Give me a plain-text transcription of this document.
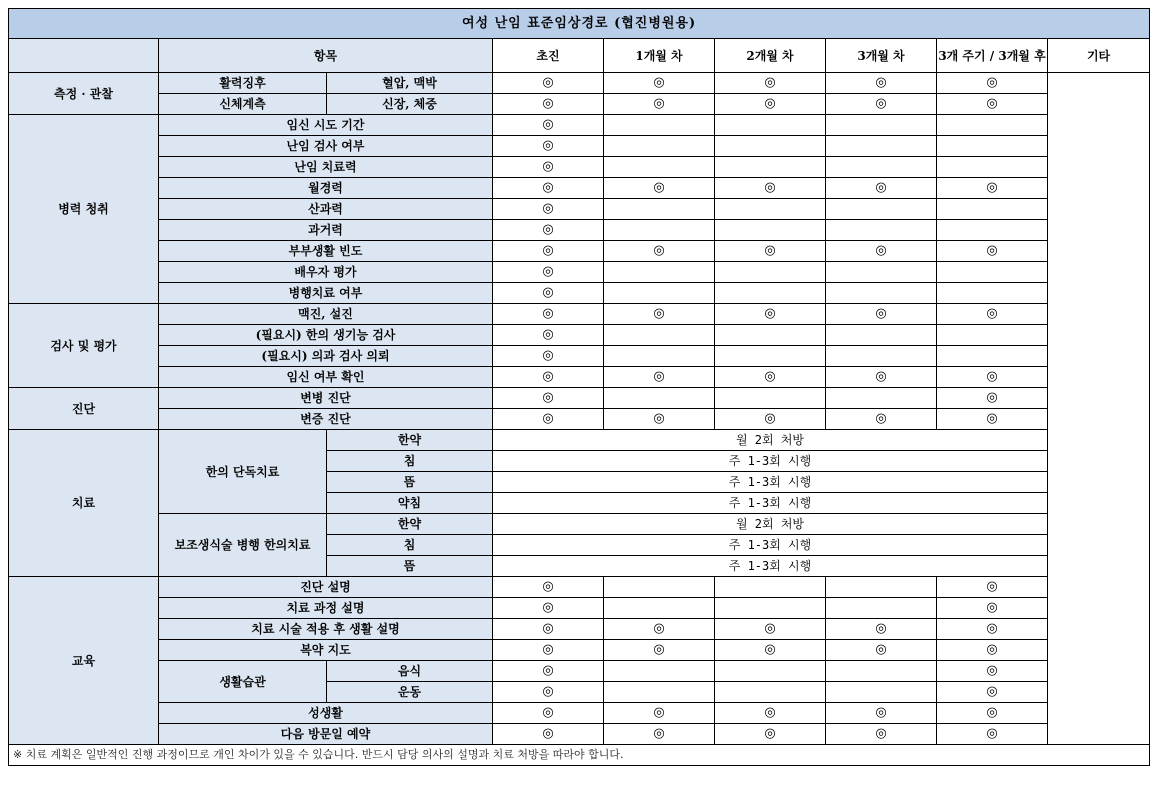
여성 난임 표준임상경로 (협진병원용)								
	항목		초진	1개월 차	2개월 차	3개월 차	3개 주기 / 3개월 후	기타
측정 · 관찰	활력징후	혈압, 맥박	◎	◎	◎	◎	◎	
	신체계측	신장, 체중	◎	◎	◎	◎	◎	
병력 청취	임신 시도 기간		◎					
	난임 검사 여부		◎					
	난임 치료력		◎					
	월경력		◎	◎	◎	◎	◎	
	산과력		◎					
	과거력		◎					
	부부생활 빈도		◎	◎	◎	◎	◎	
	배우자 평가		◎					
	병행치료 여부		◎					
검사 및 평가	맥진, 설진		◎	◎	◎	◎	◎	
	(필요시) 한의 생기능 검사		◎					
	(필요시) 의과 검사 의뢰		◎					
	임신 여부 확인		◎	◎	◎	◎	◎	
진단	변병 진단		◎				◎	
	변증 진단		◎	◎	◎	◎	◎	
치료	한의 단독치료	한약	월 2회 처방					
		침	주 1-3회 시행					
		뜸	주 1-3회 시행					
		약침	주 1-3회 시행					
	보조생식술 병행 한의치료	한약	월 2회 처방					
		침	주 1-3회 시행					
		뜸	주 1-3회 시행					
교육	진단 설명		◎				◎	
	치료 과정 설명		◎				◎	
	치료 시술 적용 후 생활 설명		◎	◎	◎	◎	◎	
	복약 지도		◎	◎	◎	◎	◎	
	생활습관	음식	◎				◎	
		운동	◎				◎	
	성생활		◎	◎	◎	◎	◎	
	다음 방문일 예약		◎	◎	◎	◎	◎	
※ 치료 계획은 일반적인 진행 과정이므로 개인 차이가 있을 수 있습니다. 반드시 담당 의사의 설명과 치료 처방을 따라야 합니다.								
